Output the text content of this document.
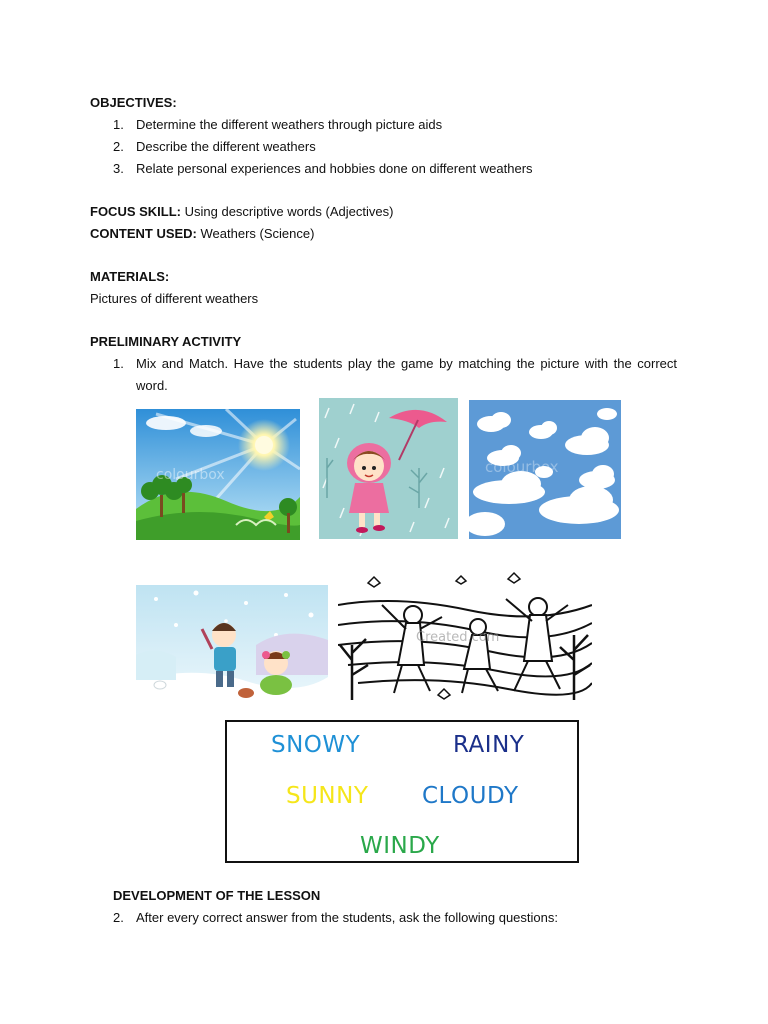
OBJECTIVES:
1. Determine the different weathers through picture aids
2. Describe the different weathers
3. Relate personal experiences and hobbies done on different weathers
FOCUS SKILL: Using descriptive words (Adjectives)
CONTENT USED: Weathers (Science)
MATERIALS:
Pictures of different weathers
PRELIMINARY ACTIVITY
1. Mix and Match. Have the students play the game by matching the picture with the correct word.
colourbox	colourbox
Created.com
SNOWY	RAINY
SUNNY CLOUDY
WINDY
DEVELOPMENT OF THE LESSON
2. After every correct answer from the students, ask the following questions:
